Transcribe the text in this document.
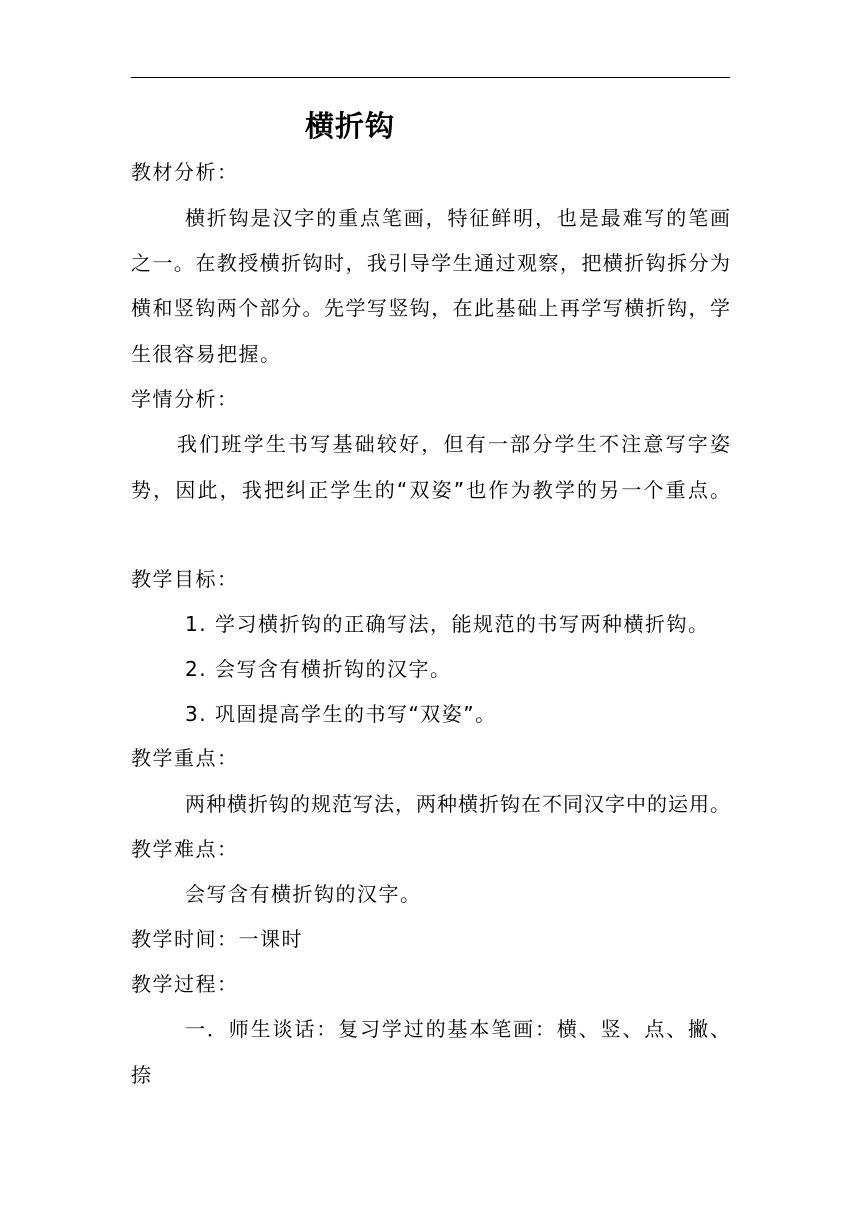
横折钩
教材分析：
横折钩是汉字的重点笔画，特征鲜明，也是最难写的笔画
之一。在教授横折钩时，我引导学生通过观察，把横折钩拆分为
横和竖钩两个部分。先学写竖钩，在此基础上再学写横折钩，学
生很容易把握。
学情分析：
我们班学生书写基础较好，但有一部分学生不注意写字姿
势，因此，我把纠正学生的“双姿”也作为教学的另一个重点。
教学目标：
1. 学习横折钩的正确写法，能规范的书写两种横折钩。
2. 会写含有横折钩的汉字。
3. 巩固提高学生的书写“双姿”。
教学重点：
两种横折钩的规范写法，两种横折钩在不同汉字中的运用。
教学难点：
会写含有横折钩的汉字。
教学时间：一课时
教学过程：
一．师生谈话：复习学过的基本笔画：横、竖、点、撇、
捺
